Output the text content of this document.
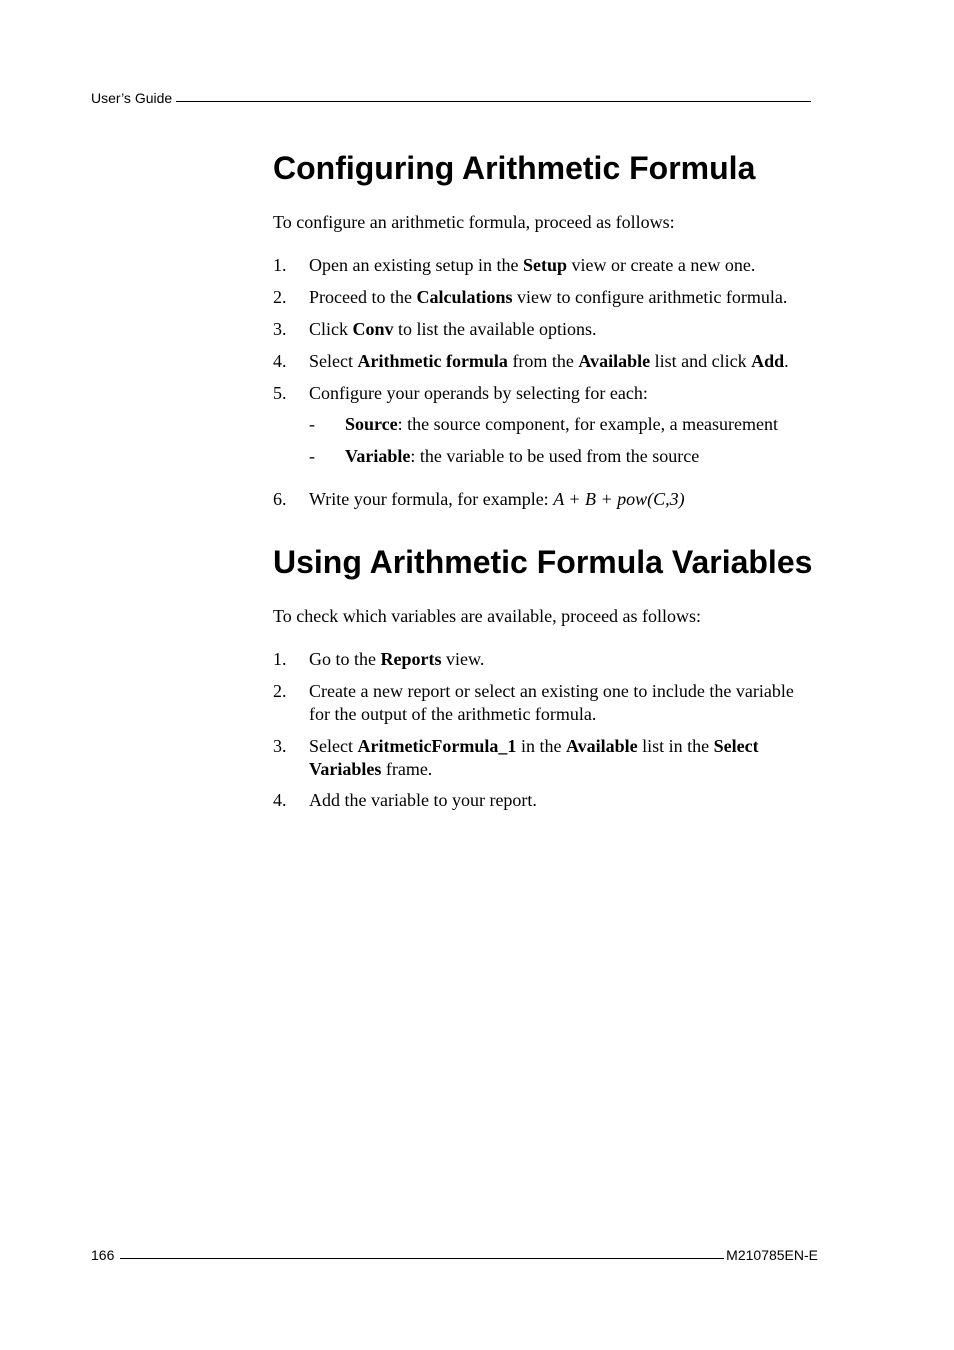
User’s Guide
Configuring Arithmetic Formula
To configure an arithmetic formula, proceed as follows:
1. Open an existing setup in the Setup view or create a new one.
2. Proceed to the Calculations view to configure arithmetic formula.
3. Click Conv to list the available options.
4. Select Arithmetic formula from the Available list and click Add.
5. Configure your operands by selecting for each:
- Source: the source component, for example, a measurement
- Variable: the variable to be used from the source
6. Write your formula, for example: A + B + pow(C,3)
Using Arithmetic Formula Variables
To check which variables are available, proceed as follows:
1. Go to the Reports view.
2. Create a new report or select an existing one to include the variable for the output of the arithmetic formula.
3. Select AritmeticFormula_1 in the Available list in the Select Variables frame.
4. Add the variable to your report.
166	M210785EN-E
